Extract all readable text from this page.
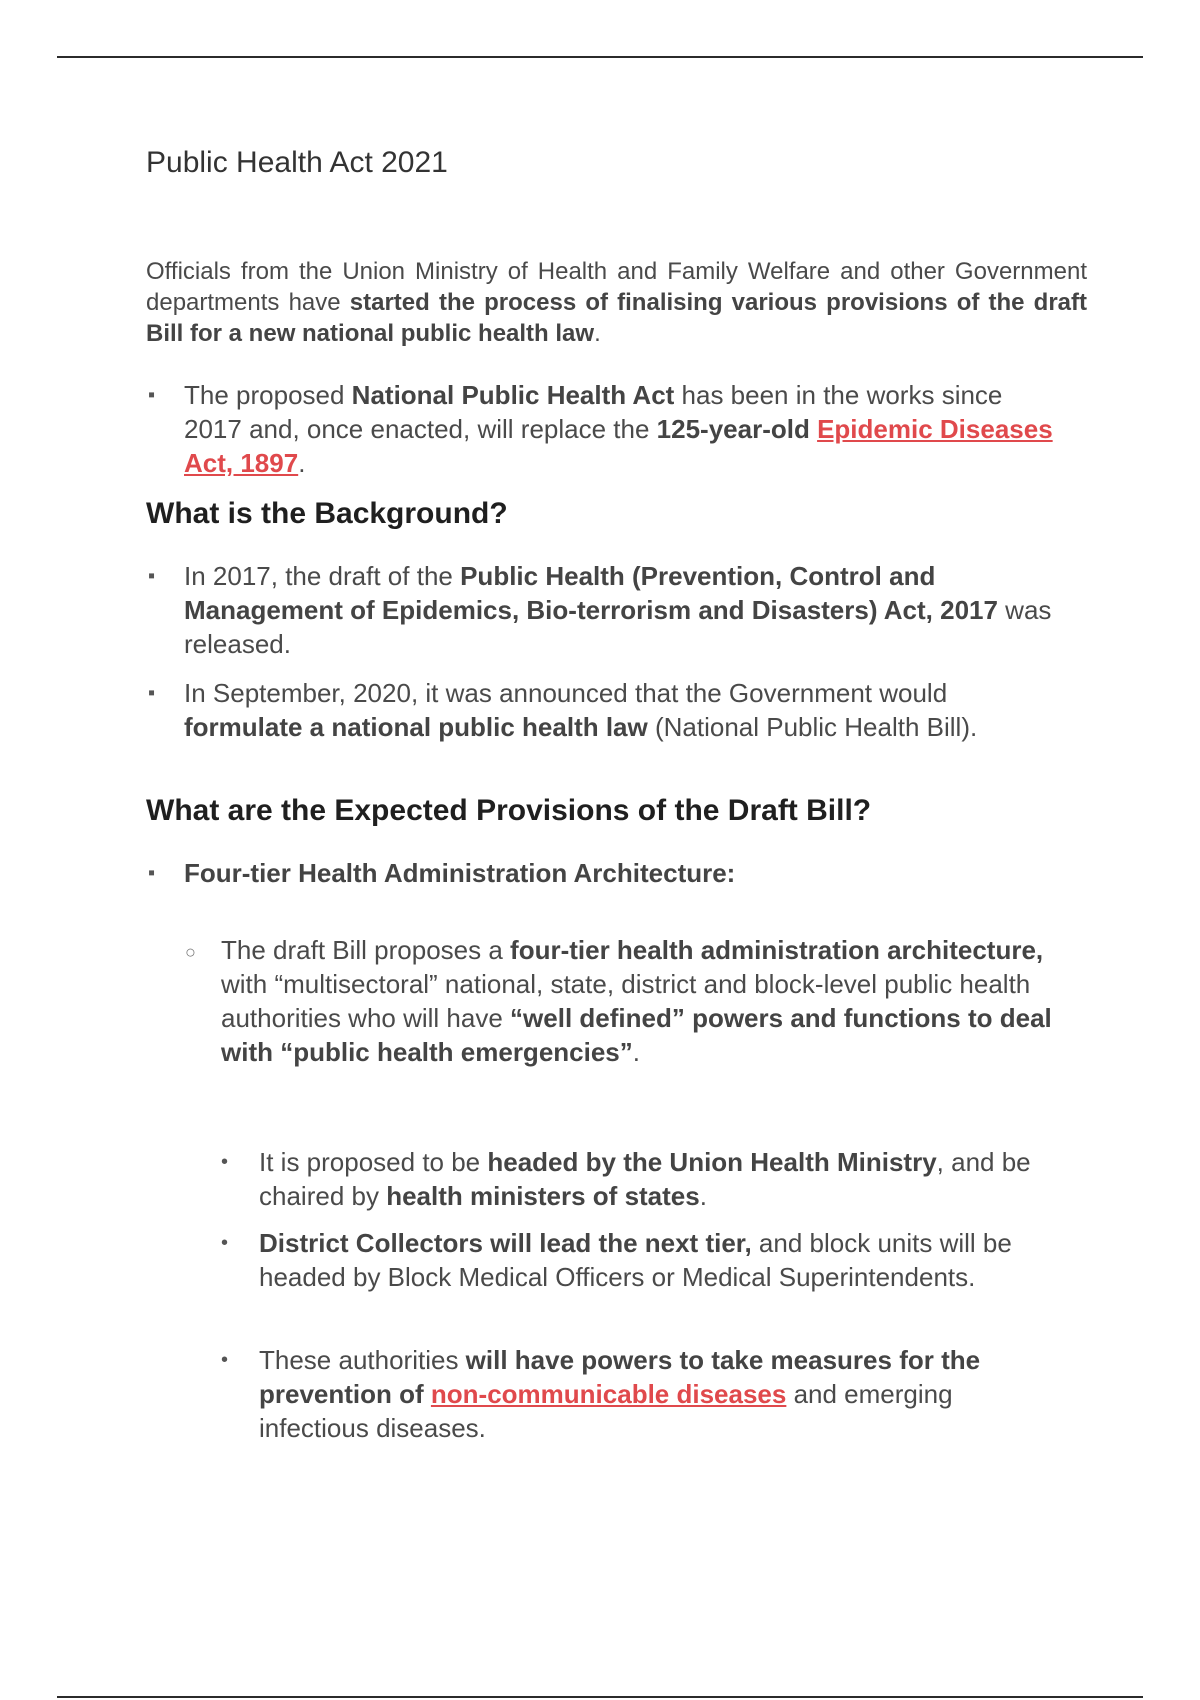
Public Health Act 2021

Officials from the Union Ministry of Health and Family Welfare and other Government departments have started the process of finalising various provisions of the draft Bill for a new national public health law.

▪ The proposed National Public Health Act has been in the works since 2017 and, once enacted, will replace the 125-year-old Epidemic Diseases Act, 1897.
What is the Background?
▪ In 2017, the draft of the Public Health (Prevention, Control and Management of Epidemics, Bio-terrorism and Disasters) Act, 2017 was released.
▪ In September, 2020, it was announced that the Government would formulate a national public health law (National Public Health Bill).
What are the Expected Provisions of the Draft Bill?
▪ Four-tier Health Administration Architecture:
○ The draft Bill proposes a four-tier health administration architecture, with “multisectoral” national, state, district and block-level public health authorities who will have “well defined” powers and functions to deal with “public health emergencies”.
• It is proposed to be headed by the Union Health Ministry, and be chaired by health ministers of states.
• District Collectors will lead the next tier, and block units will be headed by Block Medical Officers or Medical Superintendents.
• These authorities will have powers to take measures for the prevention of non-communicable diseases and emerging infectious diseases.
